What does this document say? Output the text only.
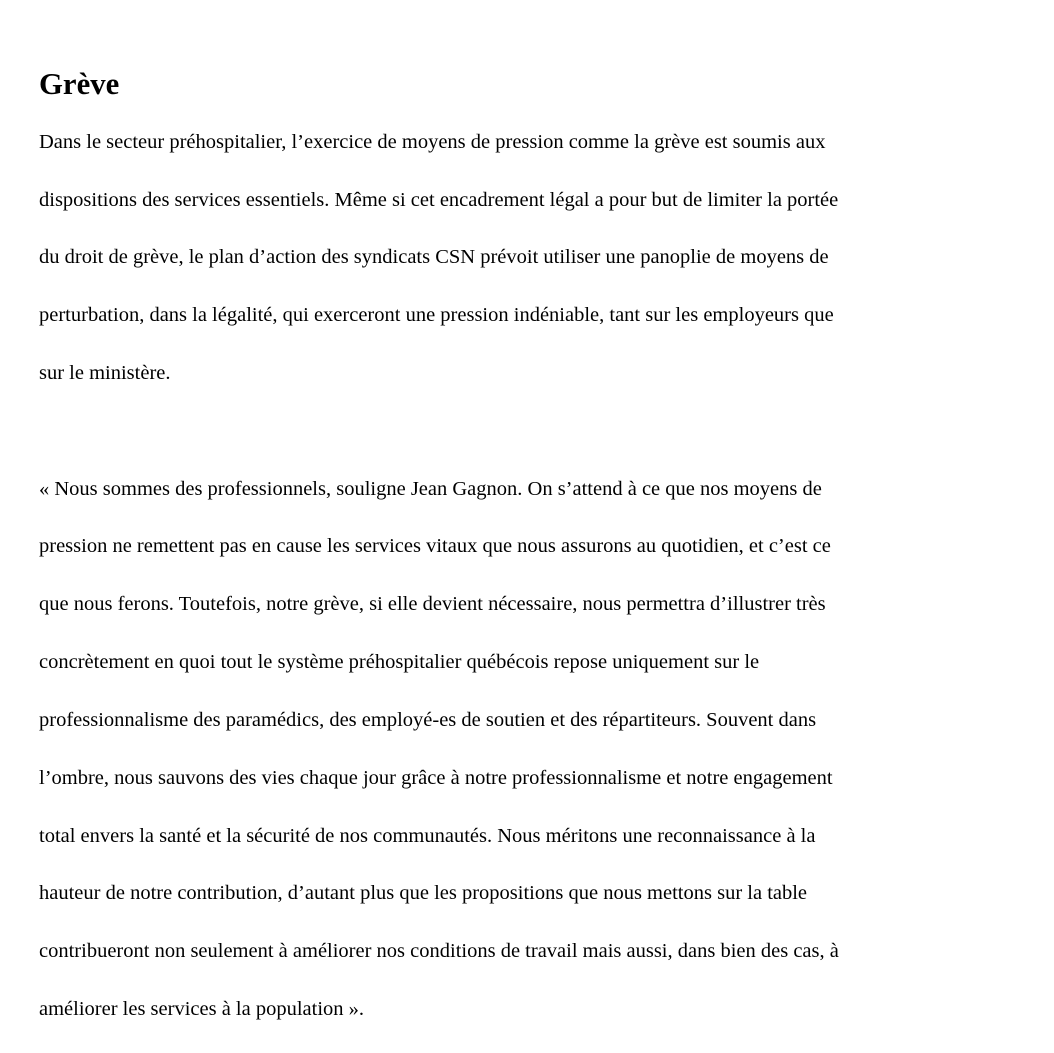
Grève

Dans le secteur préhospitalier, l’exercice de moyens de pression comme la grève est soumis aux

dispositions des services essentiels. Même si cet encadrement légal a pour but de limiter la portée

du droit de grève, le plan d’action des syndicats CSN prévoit utiliser une panoplie de moyens de

perturbation, dans la légalité, qui exerceront une pression indéniable, tant sur les employeurs que

sur le ministère.

« Nous sommes des professionnels, souligne Jean Gagnon. On s’attend à ce que nos moyens de

pression ne remettent pas en cause les services vitaux que nous assurons au quotidien, et c’est ce

que nous ferons. Toutefois, notre grève, si elle devient nécessaire, nous permettra d’illustrer très

concrètement en quoi tout le système préhospitalier québécois repose uniquement sur le

professionnalisme des paramédics, des employé-es de soutien et des répartiteurs. Souvent dans

l’ombre, nous sauvons des vies chaque jour grâce à notre professionnalisme et notre engagement

total envers la santé et la sécurité de nos communautés. Nous méritons une reconnaissance à la

hauteur de notre contribution, d’autant plus que les propositions que nous mettons sur la table

contribueront non seulement à améliorer nos conditions de travail mais aussi, dans bien des cas, à

améliorer les services à la population ».
